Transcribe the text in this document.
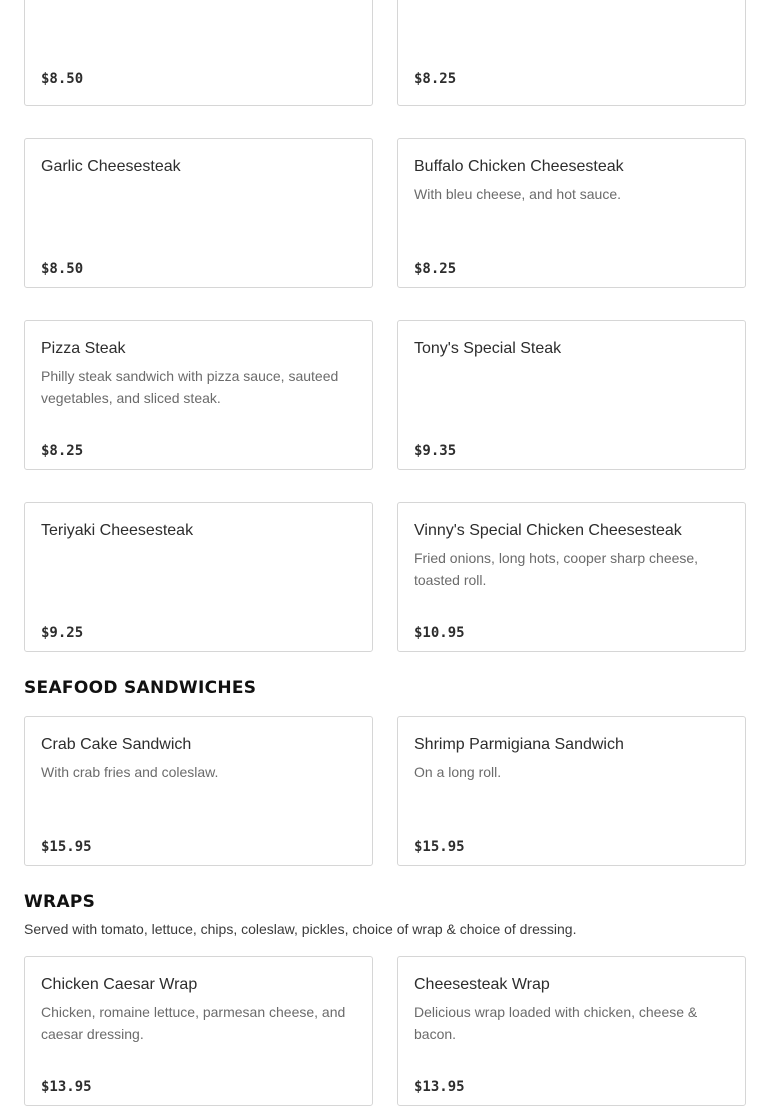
$8.50	$8.25
Garlic Cheesesteak
$8.50
Buffalo Chicken Cheesesteak
With bleu cheese, and hot sauce.
$8.25
Pizza Steak
Philly steak sandwich with pizza sauce, sauteed vegetables, and sliced steak.
$8.25
Tony's Special Steak
$9.35
Teriyaki Cheesesteak
$9.25
Vinny's Special Chicken Cheesesteak
Fried onions, long hots, cooper sharp cheese, toasted roll.
$10.95
SEAFOOD SANDWICHES
Crab Cake Sandwich
With crab fries and coleslaw.
$15.95
Shrimp Parmigiana Sandwich
On a long roll.
$15.95
WRAPS

Served with tomato, lettuce, chips, coleslaw, pickles, choice of wrap & choice of dressing.

Chicken Caesar Wrap
Chicken, romaine lettuce, parmesan cheese, and caesar dressing.
$13.95
Cheesesteak Wrap
Delicious wrap loaded with chicken, cheese & bacon.
$13.95
